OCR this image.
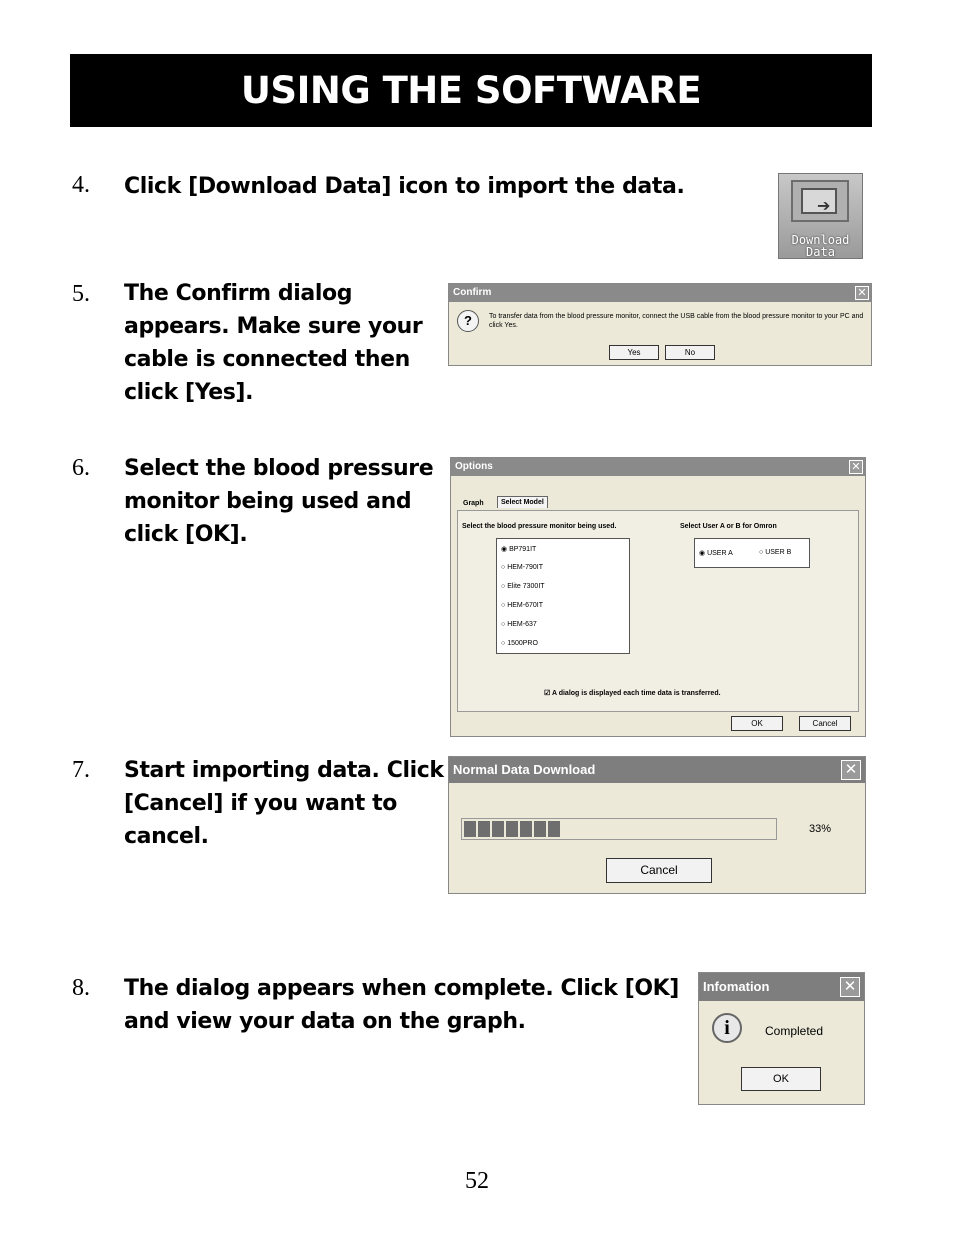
USING THE SOFTWARE
4. Click [Download Data] icon to import the data.
➔
Download
Data
5. The Confirm dialog
appears. Make sure your
cable is connected then
click [Yes].
Confirm	✕
?	To transfer data from the blood pressure monitor, connect the USB cable from the blood pressure monitor to your PC and click Yes.
Yes	No
6. Select the blood pressure
monitor being used and
click [OK].
Options	✕
Graph	Select Model
Select the blood pressure monitor being used.	Select User A or B for Omron
◉ BP791IT
○ HEM-790IT
○ Elite 7300IT
○ HEM-670IT
○ HEM-637
○ 1500PRO
◉ USER A	○ USER B
☑ A dialog is displayed each time data is transferred.
OK	Cancel
7. Start importing data. Click
[Cancel] if you want to
cancel.
Normal Data Download	✕
33%
Cancel
8. The dialog appears when complete. Click [OK]
and view your data on the graph.
Infomation	✕
i	Completed
OK
52
